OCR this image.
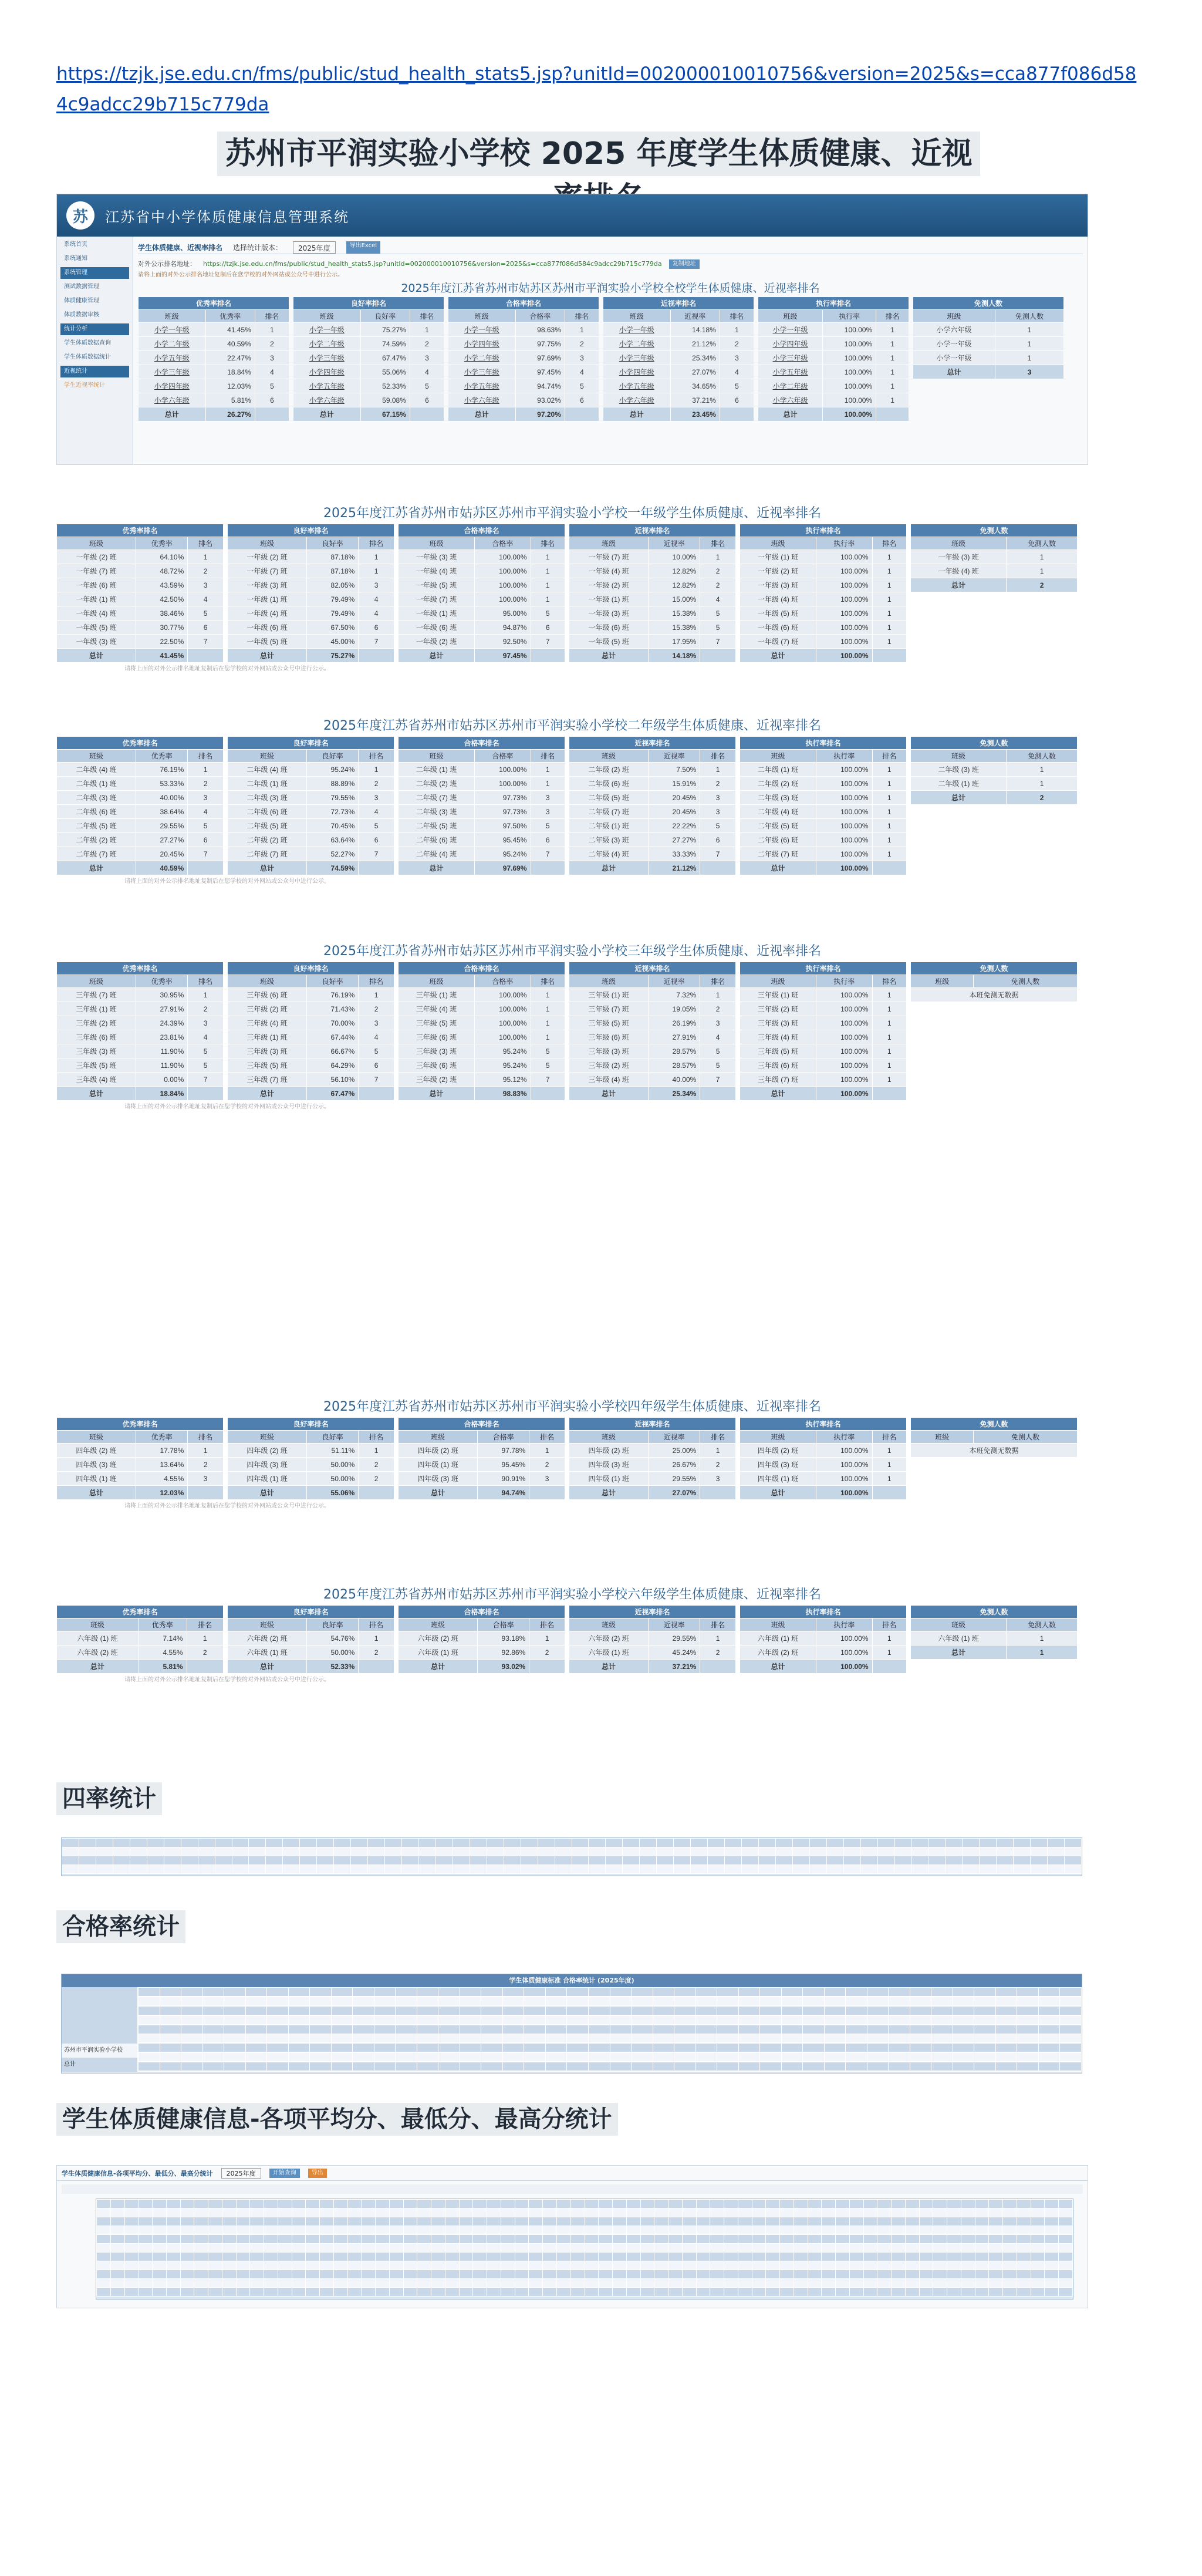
https://tzjk.jse.edu.cn/fms/public/stud_health_stats5.jsp?unitId=002000010010756&version=2025&s=cca877f086d584c9adcc29b715c779da
苏州市平润实验小学校 2025 年度学生体质健康、近视
苏	江苏省中小学体质健康信息管理系统
系统首页
系统通知
系统管理
测试数据管理
体质健康管理
体质数据审核
统计分析
学生体质数据查询
学生体质数据统计
近视统计
学生近视率统计
学生体质健康、近视率排名 选择统计版本：	2025年度	导出Excel
对外公示排名地址： https://tzjk.jse.edu.cn/fms/public/stud_health_stats5.jsp?unitId=002000010010756&version=2025&s=cca877f086d584c9adcc29b715c779da	复制地址
请将上面的对外公示排名地址复制后在您学校的对外网站或公众号中进行公示。
2025年度江苏省苏州市姑苏区苏州市平润实验小学校全校学生体质健康、近视率排名
优秀率排名		
班级	优秀率	排名
小学一年级	41.45%	1
小学二年级	40.59%	2
小学五年级	22.47%	3
小学三年级	18.84%	4
小学四年级	12.03%	5
小学六年级	5.81%	6
总计	26.27%	
良好率排名		
班级	良好率	排名
小学一年级	75.27%	1
小学二年级	74.59%	2
小学三年级	67.47%	3
小学四年级	55.06%	4
小学五年级	52.33%	5
小学六年级	59.08%	6
总计	67.15%	
合格率排名		
班级	合格率	排名
小学一年级	98.63%	1
小学四年级	97.75%	2
小学二年级	97.69%	3
小学三年级	97.45%	4
小学五年级	94.74%	5
小学六年级	93.02%	6
总计	97.20%	
近视率排名		
班级	近视率	排名
小学一年级	14.18%	1
小学二年级	21.12%	2
小学三年级	25.34%	3
小学四年级	27.07%	4
小学五年级	34.65%	5
小学六年级	37.21%	6
总计	23.45%	
执行率排名		
班级	执行率	排名
小学一年级	100.00%	1
小学四年级	100.00%	1
小学三年级	100.00%	1
小学五年级	100.00%	1
小学二年级	100.00%	1
小学六年级	100.00%	1
总计	100.00%	
免测人数	
班级	免测人数
小学六年级	1
小学一年级	1
小学一年级	1
总计	3
2025年度江苏省苏州市姑苏区苏州市平润实验小学校一年级学生体质健康、近视率排名
优秀率排名		
班级	优秀率	排名
一年级 (2) 班	64.10%	1
一年级 (7) 班	48.72%	2
一年级 (6) 班	43.59%	3
一年级 (1) 班	42.50%	4
一年级 (4) 班	38.46%	5
一年级 (5) 班	30.77%	6
一年级 (3) 班	22.50%	7
总计	41.45%	
良好率排名		
班级	良好率	排名
一年级 (2) 班	87.18%	1
一年级 (7) 班	87.18%	1
一年级 (3) 班	82.05%	3
一年级 (1) 班	79.49%	4
一年级 (4) 班	79.49%	4
一年级 (6) 班	67.50%	6
一年级 (5) 班	45.00%	7
总计	75.27%	
合格率排名		
班级	合格率	排名
一年级 (3) 班	100.00%	1
一年级 (4) 班	100.00%	1
一年级 (5) 班	100.00%	1
一年级 (7) 班	100.00%	1
一年级 (1) 班	95.00%	5
一年级 (6) 班	94.87%	6
一年级 (2) 班	92.50%	7
总计	97.45%	
近视率排名		
班级	近视率	排名
一年级 (7) 班	10.00%	1
一年级 (4) 班	12.82%	2
一年级 (2) 班	12.82%	2
一年级 (1) 班	15.00%	4
一年级 (3) 班	15.38%	5
一年级 (6) 班	15.38%	5
一年级 (5) 班	17.95%	7
总计	14.18%	
执行率排名		
班级	执行率	排名
一年级 (1) 班	100.00%	1
一年级 (2) 班	100.00%	1
一年级 (3) 班	100.00%	1
一年级 (4) 班	100.00%	1
一年级 (5) 班	100.00%	1
一年级 (6) 班	100.00%	1
一年级 (7) 班	100.00%	1
总计	100.00%	
免测人数	
班级	免测人数
一年级 (3) 班	1
一年级 (4) 班	1
总计	2
请将上面的对外公示排名地址复制后在您学校的对外网站或公众号中进行公示。
2025年度江苏省苏州市姑苏区苏州市平润实验小学校二年级学生体质健康、近视率排名
优秀率排名		
班级	优秀率	排名
二年级 (4) 班	76.19%	1
二年级 (1) 班	53.33%	2
二年级 (3) 班	40.00%	3
二年级 (6) 班	38.64%	4
二年级 (5) 班	29.55%	5
二年级 (2) 班	27.27%	6
二年级 (7) 班	20.45%	7
总计	40.59%	
良好率排名		
班级	良好率	排名
二年级 (4) 班	95.24%	1
二年级 (1) 班	88.89%	2
二年级 (3) 班	79.55%	3
二年级 (6) 班	72.73%	4
二年级 (5) 班	70.45%	5
二年级 (2) 班	63.64%	6
二年级 (7) 班	52.27%	7
总计	74.59%	
合格率排名		
班级	合格率	排名
二年级 (1) 班	100.00%	1
二年级 (2) 班	100.00%	1
二年级 (7) 班	97.73%	3
二年级 (3) 班	97.73%	3
二年级 (5) 班	97.50%	5
二年级 (6) 班	95.45%	6
二年级 (4) 班	95.24%	7
总计	97.69%	
近视率排名		
班级	近视率	排名
二年级 (2) 班	7.50%	1
二年级 (6) 班	15.91%	2
二年级 (5) 班	20.45%	3
二年级 (7) 班	20.45%	3
二年级 (1) 班	22.22%	5
二年级 (3) 班	27.27%	6
二年级 (4) 班	33.33%	7
总计	21.12%	
执行率排名		
班级	执行率	排名
二年级 (1) 班	100.00%	1
二年级 (2) 班	100.00%	1
二年级 (3) 班	100.00%	1
二年级 (4) 班	100.00%	1
二年级 (5) 班	100.00%	1
二年级 (6) 班	100.00%	1
二年级 (7) 班	100.00%	1
总计	100.00%	
免测人数	
班级	免测人数
二年级 (3) 班	1
二年级 (1) 班	1
总计	2
请将上面的对外公示排名地址复制后在您学校的对外网站或公众号中进行公示。
2025年度江苏省苏州市姑苏区苏州市平润实验小学校三年级学生体质健康、近视率排名
优秀率排名		
班级	优秀率	排名
三年级 (7) 班	30.95%	1
三年级 (1) 班	27.91%	2
三年级 (2) 班	24.39%	3
三年级 (6) 班	23.81%	4
三年级 (3) 班	11.90%	5
三年级 (5) 班	11.90%	5
三年级 (4) 班	0.00%	7
总计	18.84%	
良好率排名		
班级	良好率	排名
三年级 (6) 班	76.19%	1
三年级 (2) 班	71.43%	2
三年级 (4) 班	70.00%	3
三年级 (1) 班	67.44%	4
三年级 (3) 班	66.67%	5
三年级 (5) 班	64.29%	6
三年级 (7) 班	56.10%	7
总计	67.47%	
合格率排名		
班级	合格率	排名
三年级 (1) 班	100.00%	1
三年级 (4) 班	100.00%	1
三年级 (5) 班	100.00%	1
三年级 (6) 班	100.00%	1
三年级 (3) 班	95.24%	5
三年级 (6) 班	95.24%	5
三年级 (2) 班	95.12%	7
总计	98.83%	
近视率排名		
班级	近视率	排名
三年级 (1) 班	7.32%	1
三年级 (7) 班	19.05%	2
三年级 (5) 班	26.19%	3
三年级 (6) 班	27.91%	4
三年级 (3) 班	28.57%	5
三年级 (2) 班	28.57%	5
三年级 (4) 班	40.00%	7
总计	25.34%	
执行率排名		
班级	执行率	排名
三年级 (1) 班	100.00%	1
三年级 (2) 班	100.00%	1
三年级 (3) 班	100.00%	1
三年级 (4) 班	100.00%	1
三年级 (5) 班	100.00%	1
三年级 (6) 班	100.00%	1
三年级 (7) 班	100.00%	1
总计	100.00%	
免测人数
班级	免测人数
本班免测无数据
请将上面的对外公示排名地址复制后在您学校的对外网站或公众号中进行公示。
2025年度江苏省苏州市姑苏区苏州市平润实验小学校四年级学生体质健康、近视率排名
优秀率排名		
班级	优秀率	排名
四年级 (2) 班	17.78%	1
四年级 (3) 班	13.64%	2
四年级 (1) 班	4.55%	3
总计	12.03%	
良好率排名		
班级	良好率	排名
四年级 (2) 班	51.11%	1
四年级 (3) 班	50.00%	2
四年级 (1) 班	50.00%	2
总计	55.06%	
合格率排名		
班级	合格率	排名
四年级 (2) 班	97.78%	1
四年级 (1) 班	95.45%	2
四年级 (3) 班	90.91%	3
总计	94.74%	
近视率排名		
班级	近视率	排名
四年级 (2) 班	25.00%	1
四年级 (3) 班	26.67%	2
四年级 (1) 班	29.55%	3
总计	27.07%	
执行率排名		
班级	执行率	排名
四年级 (2) 班	100.00%	1
四年级 (3) 班	100.00%	1
四年级 (1) 班	100.00%	1
总计	100.00%	
免测人数
班级	免测人数
本班免测无数据
请将上面的对外公示排名地址复制后在您学校的对外网站或公众号中进行公示。
2025年度江苏省苏州市姑苏区苏州市平润实验小学校六年级学生体质健康、近视率排名
优秀率排名		
班级	优秀率	排名
六年级 (1) 班	7.14%	1
六年级 (2) 班	4.55%	2
总计	5.81%	
良好率排名		
班级	良好率	排名
六年级 (2) 班	54.76%	1
六年级 (1) 班	50.00%	2
总计	52.33%	
合格率排名		
班级	合格率	排名
六年级 (2) 班	93.18%	1
六年级 (1) 班	92.86%	2
总计	93.02%	
近视率排名		
班级	近视率	排名
六年级 (2) 班	29.55%	1
六年级 (1) 班	45.24%	2
总计	37.21%	
执行率排名		
班级	执行率	排名
六年级 (1) 班	100.00%	1
六年级 (2) 班	100.00%	1
总计	100.00%	
免测人数	
班级	免测人数
六年级 (1) 班	1
总计	1
请将上面的对外公示排名地址复制后在您学校的对外网站或公众号中进行公示。
四率统计
合格率统计
学生体质健康标准 合格率统计 (2025年度)
苏州市平润实验小学校
总计
学生体质健康信息-各项平均分、最低分、最高分统计
学生体质健康信息-各项平均分、最低分、最高分统计	2025年度	开始查询	导出
